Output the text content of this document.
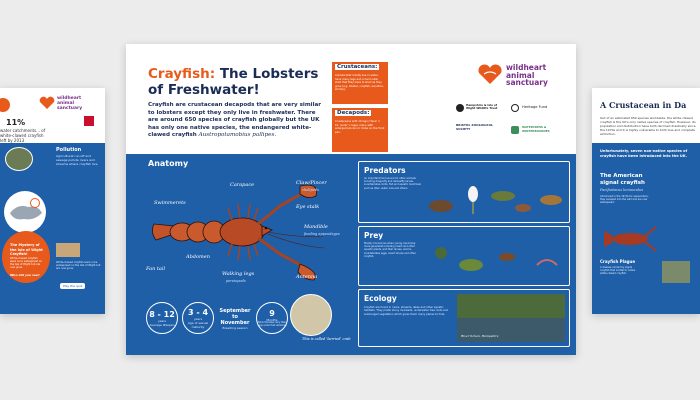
11%
water catchments... of white-clawed crayfish left by 2013
wildheart animal sanctuary
Pollution
Agricultural run-off and sewage pollute rivers and streams where crayfish live.
The Mystery of the Isle of Wight Crayfish!
White-clawed crayfish were once widespread on the Isle of Wight but are now gone.
Who did you see?
White-clawed crayfish were once widespread on the Isle of Wight but are now gone.
Play the quiz
Crayfish: The Lobsters
of Freshwater!
Crayfish are crustacean decapods that are very similar to lobsters except they only live in freshwater. There are around 650 species of crayfish globally but the UK has only one native species, the endangered white-clawed crayfish Austropotamobius pallipes.
Crustaceans:
Animals that mostly live in water, have many legs and a hard outer shell that they have to shed as they grow (e.g. lobster, crayfish, woodlice, shrimp).
Decapods:
Crustaceans with 10 legs ('deca' = 10, 'pods' = legs), many with enlarged pincers or claws on the front pair.
wildheart
animal
sanctuary
Hampshire & Isle of Wight Wildlife Trust	Heritage Fund
BRISTOL ZOOLOGICAL SOCIETY	WATERCRESS & WINTERBOURNES
Anatomy
Carapace
Swimmerets
Claw/Pincer
chelipeds
Eye stalk
Mandible
feeding appendages
Abdomen
Fan tail
Walking legs
pereiopods
Antenna
Predators
An important food source for other animals including dragonfly and damselfly larvae, invertebrates, birds, fish and aquatic mammals such as otter, water vole and others.
Prey
Mostly omnivorous when young, becoming more generalist including insect and other aquatic plants, and their larvae, worms, invertebrates eggs, insect larvae and other crayfish.
Ecology
Crayfish are found in rivers, streams, lakes and other aquatic habitats. They prefer stony riverbeds, underwater tree roots and submerged vegetation which gives them many places to hide.
River Itchen, Hampshire
8 - 12
years
Average lifespan
3 - 4
years
Age of sexual maturity
September to November
Breeding season
9
Months
Period females carry their eggs under their abdomen
This is called 'berried' crab
A Crustacean in Da
Out of an estimated 650 species worldwide, the white-clawed crayfish is the UK's only native species of crayfish. However, its population and distribution have both declined drastically since the 1970s and it is highly vulnerable to both loss and complete extinction.
Unfortunately, seven non-native species of crayfish have been introduced into the UK.
The American signal crayfish
Pacifastacus leniusculus
Introduced in the 1970s for aquaculture, they escaped into the wild and are now widespread.
Crayfish Plague
A disease carried by signal crayfish that is fatal to native white-clawed crayfish.
